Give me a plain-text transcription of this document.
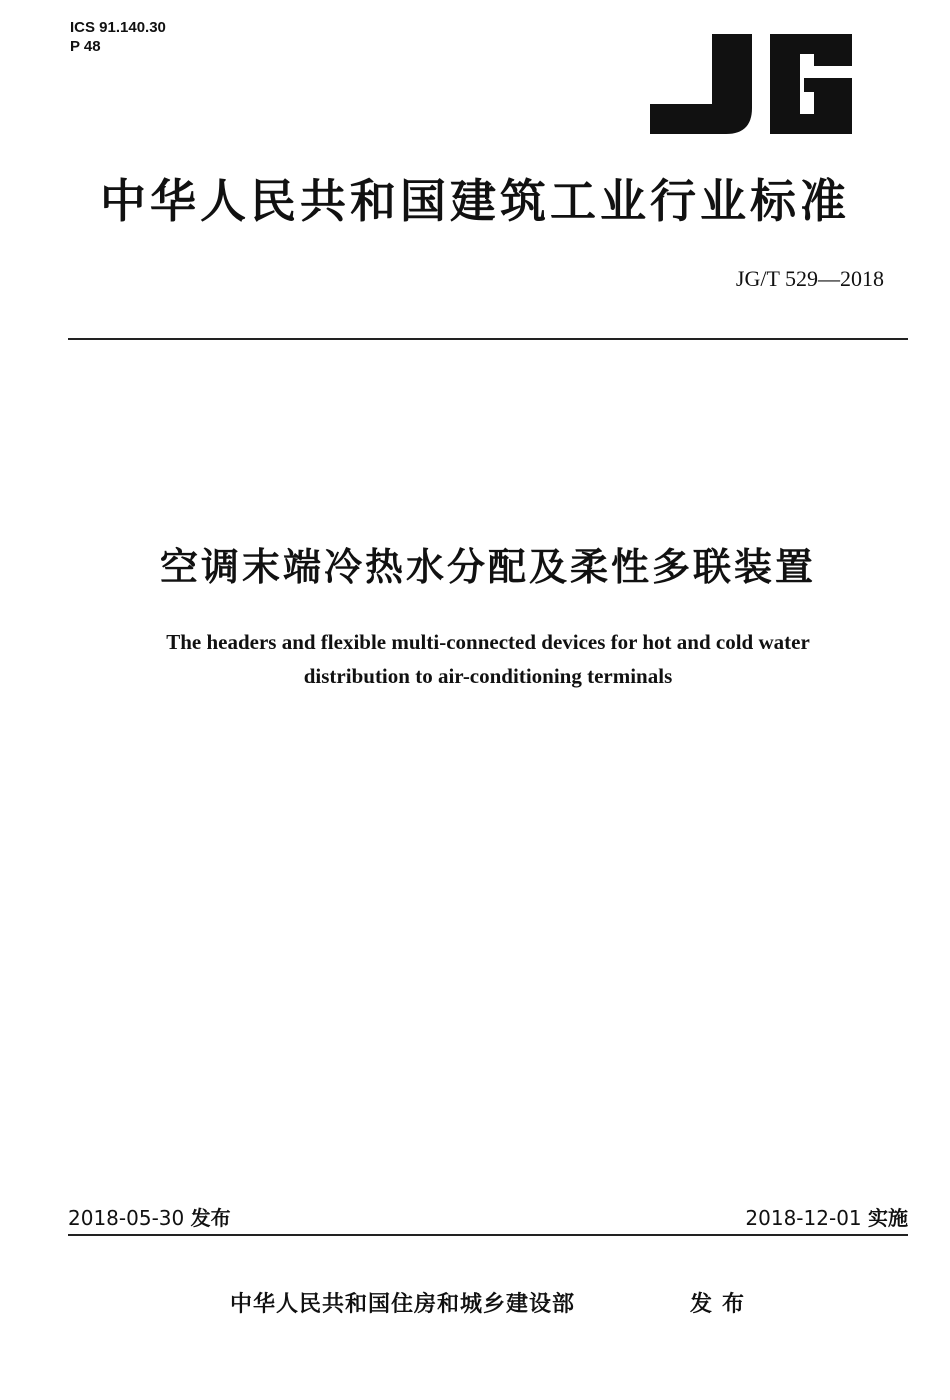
ICS 91.140.30
P 48
中华人民共和国建筑工业行业标准
JG/T 529—2018
空调末端冷热水分配及柔性多联装置
The headers and flexible multi-connected devices for hot and cold water
distribution to air-conditioning terminals
2018-05-30 发布	2018-12-01 实施
中华人民共和国住房和城乡建设部	发布
